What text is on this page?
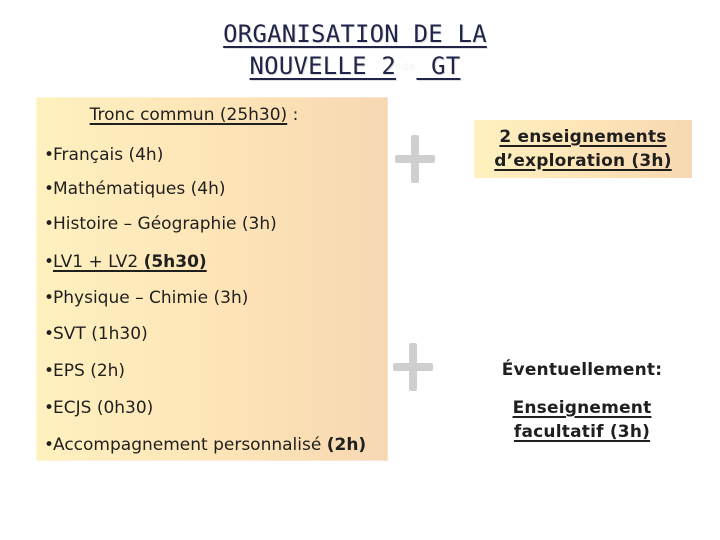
ORGANISATION DE LA
NOUVELLE 2nde GT
Tronc commun (25h30) :
•Français (4h)
•Mathématiques (4h)
•Histoire – Géographie (3h)
•LV1 + LV2 (5h30)
•Physique – Chimie (3h)
•SVT (1h30)
•EPS (2h)
•ECJS (0h30)
•Accompagnement personnalisé (2h)
2 enseignements
d’exploration (3h)
Éventuellement:
Enseignement
facultatif (3h)
